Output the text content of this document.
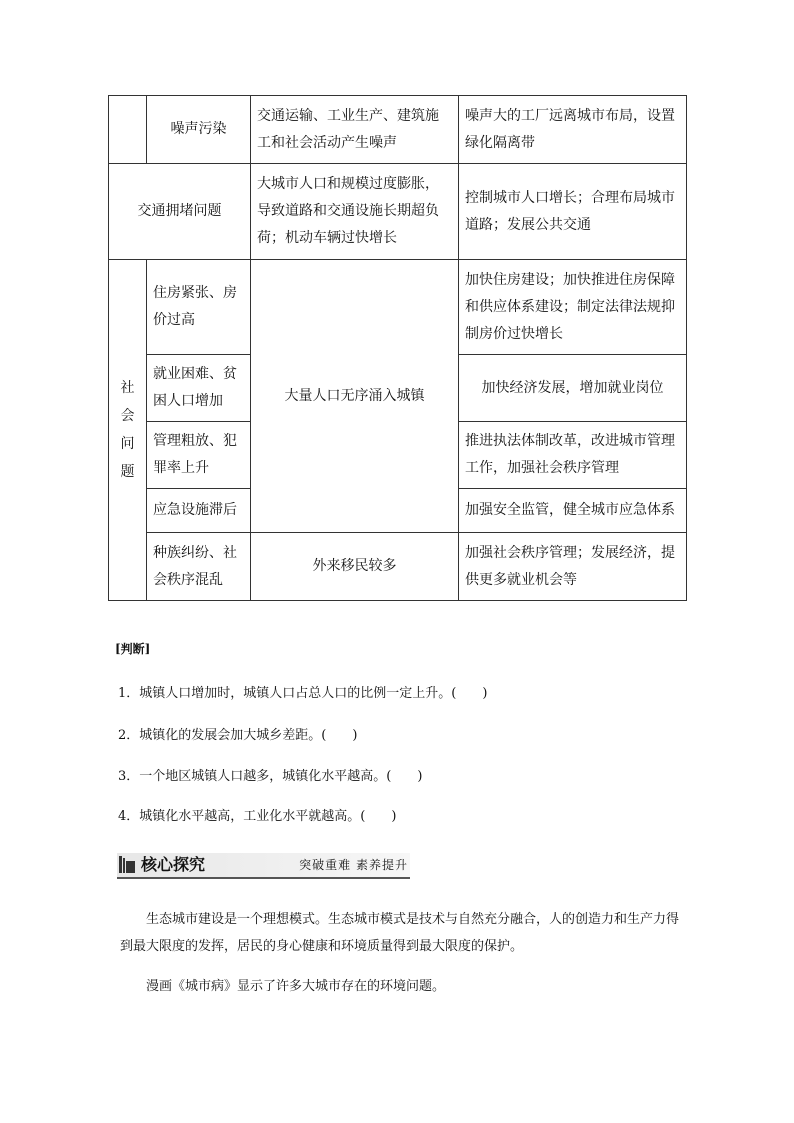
	噪声污染	交通运输、工业生产、建筑施工和社会活动产生噪声	噪声大的工厂远离城市布局，设置绿化隔离带
交通拥堵问题		大城市人口和规模过度膨胀，导致道路和交通设施长期超负荷；机动车辆过快增长	控制城市人口增长；合理布局城市道路；发展公共交通

社
会
问
题	住房紧张、房价过高	大量人口无序涌入城镇	加快住房建设；加快推进住房保障和供应体系建设；制定法律法规抑制房价过快增长
	就业困难、贫困人口增加		加快经济发展，增加就业岗位
	管理粗放、犯罪率上升		推进执法体制改革，改进城市管理工作，加强社会秩序管理
	应急设施滞后		加强安全监管，健全城市应急体系
	种族纠纷、社会秩序混乱	外来移民较多	加强社会秩序管理；发展经济，提供更多就业机会等
[判断]
1．城镇人口增加时，城镇人口占总人口的比例一定上升。(　　)
2．城镇化的发展会加大城乡差距。(　　)
3．一个地区城镇人口越多，城镇化水平越高。(　　)
4．城镇化水平越高，工业化水平就越高。(　　)
核心探究	突破重难 素养提升
生态城市建设是一个理想模式。生态城市模式是技术与自然充分融合，人的创造力和生产力得到最大限度的发挥，居民的身心健康和环境质量得到最大限度的保护。
漫画《城市病》显示了许多大城市存在的环境问题。
